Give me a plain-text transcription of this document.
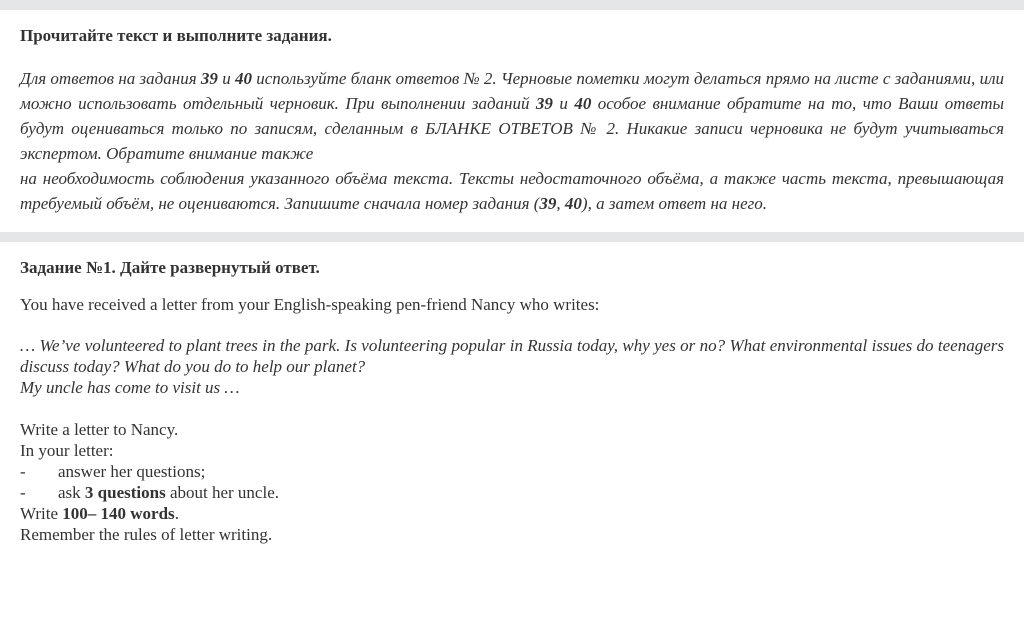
Прочитайте текст и выполните задания.

Для ответов на задания 39 и 40 используйте бланк ответов № 2. Черновые пометки могут делаться прямо на листе с заданиями, или можно использовать отдельный черновик. При выполнении заданий 39 и 40 особое внимание обратите на то, что Ваши ответы будут оцениваться только по записям, сделанным в БЛАНКЕ ОТВЕТОВ № 2. Никакие записи черновика не будут учитываться экспертом. Обратите внимание также
на необходимость соблюдения указанного объёма текста. Тексты недостаточного объёма, а также часть текста, превышающая требуемый объём, не оцениваются. Запишите сначала номер задания (39, 40), а затем ответ на него.

Задание №1. Дайте развернутый ответ.

You have received a letter from your English-speaking pen-friend Nancy who writes:

… We’ve volunteered to plant trees in the park. Is volunteering popular in Russia today, why yes or no? What environmental issues do teenagers discuss today? What do you do to help our planet?

My uncle has come to visit us …

Write a letter to Nancy.

In your letter:

-	answer her questions;
-	ask 3 questions about her uncle.

Write 100– 140 words.

Remember the rules of letter writing.
